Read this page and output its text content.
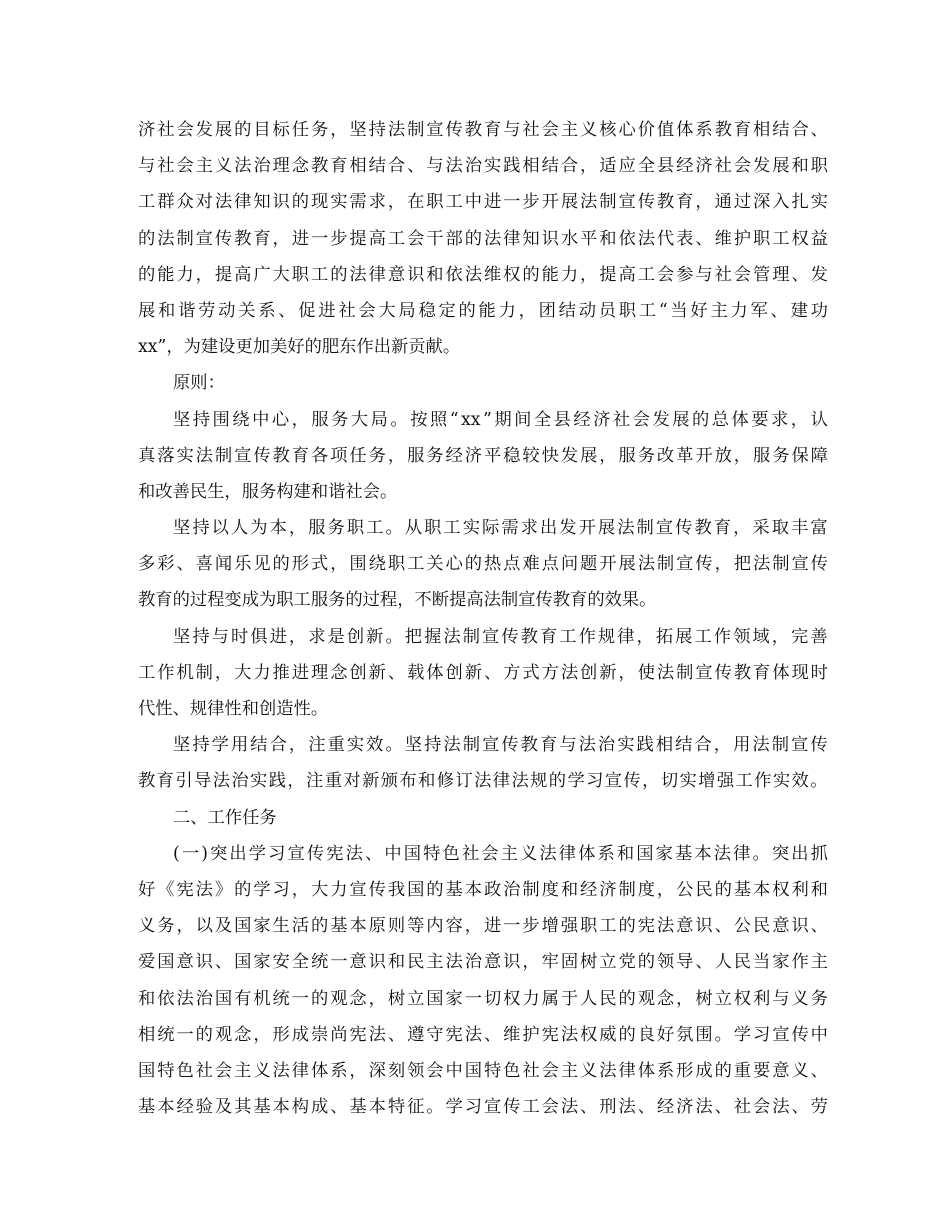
济 社 会 发 展 的 目 标 任 务 ， 坚 持 法 制 宣 传 教 育 与 社 会 主 义 核 心 价 值 体 系 教 育 相 结 合 、
与 社 会 主 义 法 治 理 念 教 育 相 结 合 、 与 法 治 实 践 相 结 合 ， 适 应 全 县 经 济 社 会 发 展 和 职
工 群 众 对 法 律 知 识 的 现 实 需 求 ， 在 职 工 中 进 一 步 开 展 法 制 宣 传 教 育 ， 通 过 深 入 扎 实
的 法 制 宣 传 教 育 ， 进 一 步 提 高 工 会 干 部 的 法 律 知 识 水 平 和 依 法 代 表 、 维 护 职 工 权 益
的 能 力 ， 提 高 广 大 职 工 的 法 律 意 识 和 依 法 维 权 的 能 力 ， 提 高 工 会 参 与 社 会 管 理 、 发
展 和 谐 劳 动 关 系 、 促 进 社 会 大 局 稳 定 的 能 力 ， 团 结 动 员 职 工 “ 当 好 主 力 军 、 建 功
xx”，为建设更加美好的肥东作出新贡献。
原则：
坚 持 围 绕 中 心 ， 服 务 大 局 。 按 照 “ xx ” 期 间 全 县 经 济 社 会 发 展 的 总 体 要 求 ， 认
真 落 实 法 制 宣 传 教 育 各 项 任 务 ， 服 务 经 济 平 稳 较 快 发 展 ， 服 务 改 革 开 放 ， 服 务 保 障
和改善民生，服务构建和谐社会。
坚 持 以 人 为 本 ， 服 务 职 工 。 从 职 工 实 际 需 求 出 发 开 展 法 制 宣 传 教 育 ， 采 取 丰 富
多 彩 、 喜 闻 乐 见 的 形 式 ， 围 绕 职 工 关 心 的 热 点 难 点 问 题 开 展 法 制 宣 传 ， 把 法 制 宣 传
教育的过程变成为职工服务的过程，不断提高法制宣传教育的效果。
坚 持 与 时 俱 进 ， 求 是 创 新 。 把 握 法 制 宣 传 教 育 工 作 规 律 ， 拓 展 工 作 领 域 ， 完 善
工 作 机 制 ， 大 力 推 进 理 念 创 新 、 载 体 创 新 、 方 式 方 法 创 新 ， 使 法 制 宣 传 教 育 体 现 时
代性、规律性和创造性。
坚 持 学 用 结 合 ， 注 重 实 效 。 坚 持 法 制 宣 传 教 育 与 法 治 实 践 相 结 合 ， 用 法 制 宣 传
教 育 引 导 法 治 实 践 ， 注 重 对 新 颁 布 和 修 订 法 律 法 规 的 学 习 宣 传 ， 切 实 增 强 工 作 实 效 。
二、工作任务
( 一 ) 突 出 学 习 宣 传 宪 法 、 中 国 特 色 社 会 主 义 法 律 体 系 和 国 家 基 本 法 律 。 突 出 抓
好 《 宪 法 》 的 学 习 ， 大 力 宣 传 我 国 的 基 本 政 治 制 度 和 经 济 制 度 ， 公 民 的 基 本 权 利 和
义 务 ， 以 及 国 家 生 活 的 基 本 原 则 等 内 容 ， 进 一 步 增 强 职 工 的 宪 法 意 识 、 公 民 意 识 、
爱 国 意 识 、 国 家 安 全 统 一 意 识 和 民 主 法 治 意 识 ， 牢 固 树 立 党 的 领 导 、 人 民 当 家 作 主
和 依 法 治 国 有 机 统 一 的 观 念 ， 树 立 国 家 一 切 权 力 属 于 人 民 的 观 念 ， 树 立 权 利 与 义 务
相 统 一 的 观 念 ， 形 成 崇 尚 宪 法 、 遵 守 宪 法 、 维 护 宪 法 权 威 的 良 好 氛 围 。 学 习 宣 传 中
国 特 色 社 会 主 义 法 律 体 系 ， 深 刻 领 会 中 国 特 色 社 会 主 义 法 律 体 系 形 成 的 重 要 意 义 、
基 本 经 验 及 其 基 本 构 成 、 基 本 特 征 。 学 习 宣 传 工 会 法 、 刑 法 、 经 济 法 、 社 会 法 、 劳
